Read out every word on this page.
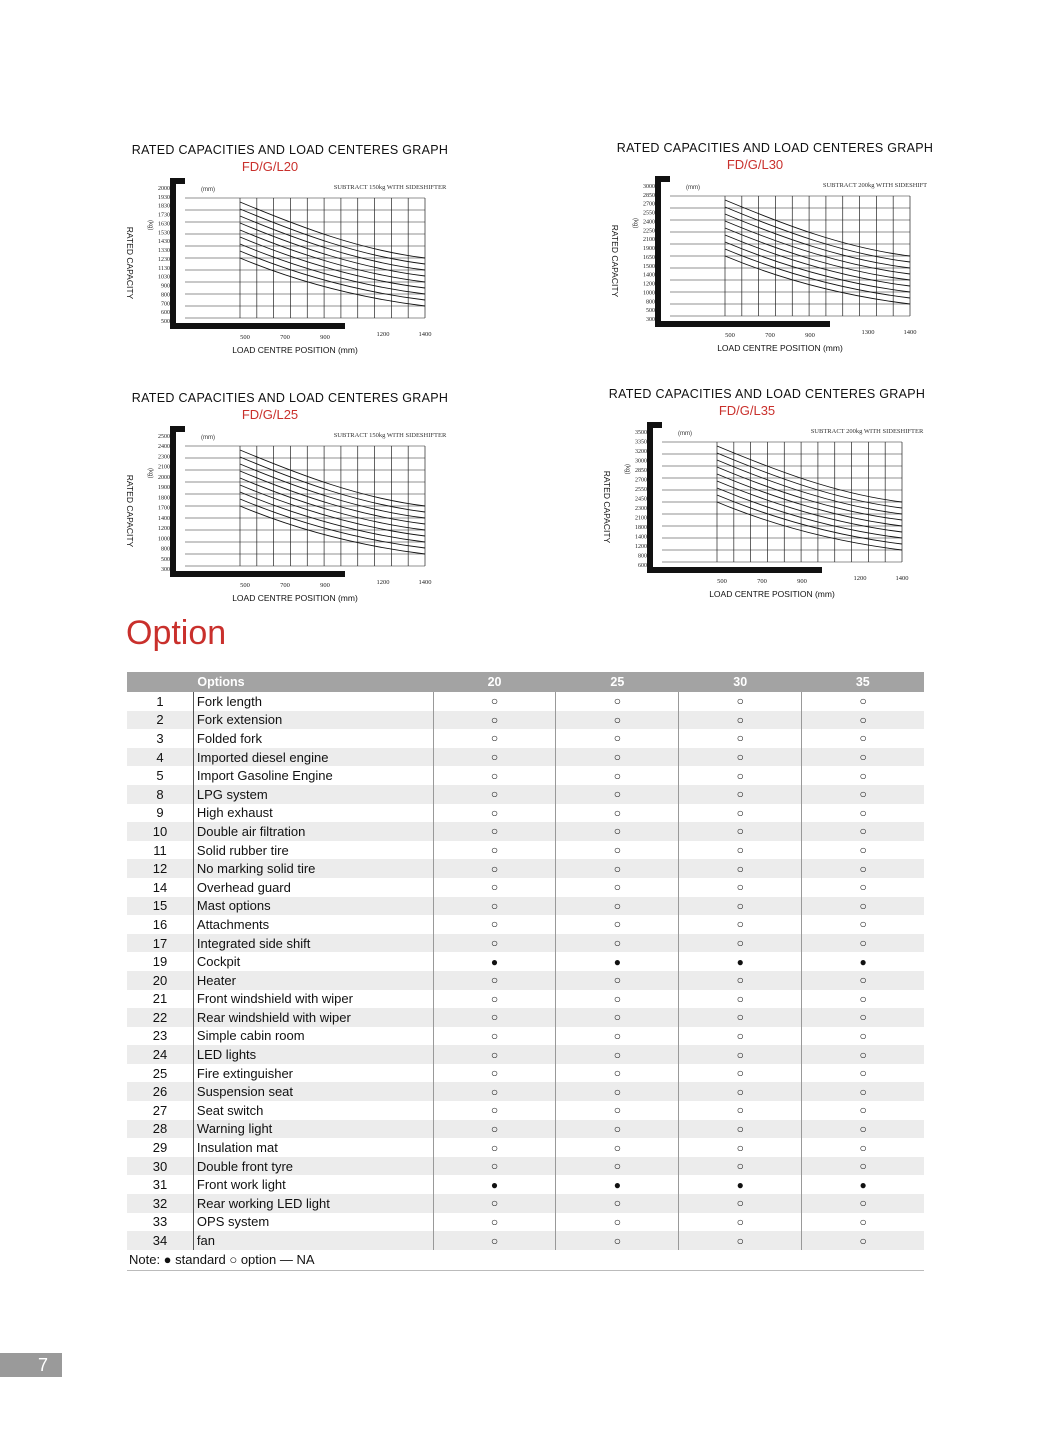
RATED CAPACITIES AND LOAD CENTERES GRAPH
FD/G/L20
SUBTRACT 150kg WITH SIDESHIFTER
(mm)
(kg)
RATED CAPACITY
LOAD CENTRE POSITION (mm)
2000
1930
1830
1730
1630
1530
1430
1330
1230
1130
1030
900
800
700
600
500
500	700	900	1200	1400
RATED CAPACITIES AND LOAD CENTERES GRAPH
FD/G/L30
SUBTRACT 200kg WITH SIDESHIFT
(mm)
(kg)
RATED CAPACITY
LOAD CENTRE POSITION (mm)
3000
2850
2700
2550
2400
2250
2100
1900
1650
1500
1400
1200
1000
800
500
300
500	700	900	1300	1400
RATED CAPACITIES AND LOAD CENTERES GRAPH
FD/G/L25
SUBTRACT 150kg WITH SIDESHIFTER
(mm)
(kg)
RATED CAPACITY
LOAD CENTRE POSITION (mm)
2500
2400
2300
2100
2000
1900
1800
1700
1400
1200
1000
800
500
300
500	700	900	1200	1400
RATED CAPACITIES AND LOAD CENTERES GRAPH
FD/G/L35
SUBTRACT 200kg WITH SIDESHIFTER
(mm)
(kg)
RATED CAPACITY
LOAD CENTRE POSITION (mm)
3500
3350
3200
3000
2850
2700
2550
2450
2300
2100
1800
1400
1200
800
600
500	700	900	1200	1400
Option
	Options	20	25	30	35
1	Fork length	○	○	○	○
2	Fork extension	○	○	○	○
3	Folded fork	○	○	○	○
4	Imported diesel engine	○	○	○	○
5	Import Gasoline Engine	○	○	○	○
8	LPG system	○	○	○	○
9	High exhaust	○	○	○	○
10	Double air filtration	○	○	○	○
11	Solid rubber tire	○	○	○	○
12	No marking solid tire	○	○	○	○
14	Overhead guard	○	○	○	○
15	Mast options	○	○	○	○
16	Attachments	○	○	○	○
17	Integrated side shift	○	○	○	○
19	Cockpit	●	●	●	●
20	Heater	○	○	○	○
21	Front windshield with wiper	○	○	○	○
22	Rear windshield with wiper	○	○	○	○
23	Simple cabin room	○	○	○	○
24	LED lights	○	○	○	○
25	Fire extinguisher	○	○	○	○
26	Suspension seat	○	○	○	○
27	Seat switch	○	○	○	○
28	Warning light	○	○	○	○
29	Insulation mat	○	○	○	○
30	Double front tyre	○	○	○	○
31	Front work light	●	●	●	●
32	Rear working LED light	○	○	○	○
33	OPS system	○	○	○	○
34	fan	○	○	○	○
Note: ● standard ○ option — NA					
7
